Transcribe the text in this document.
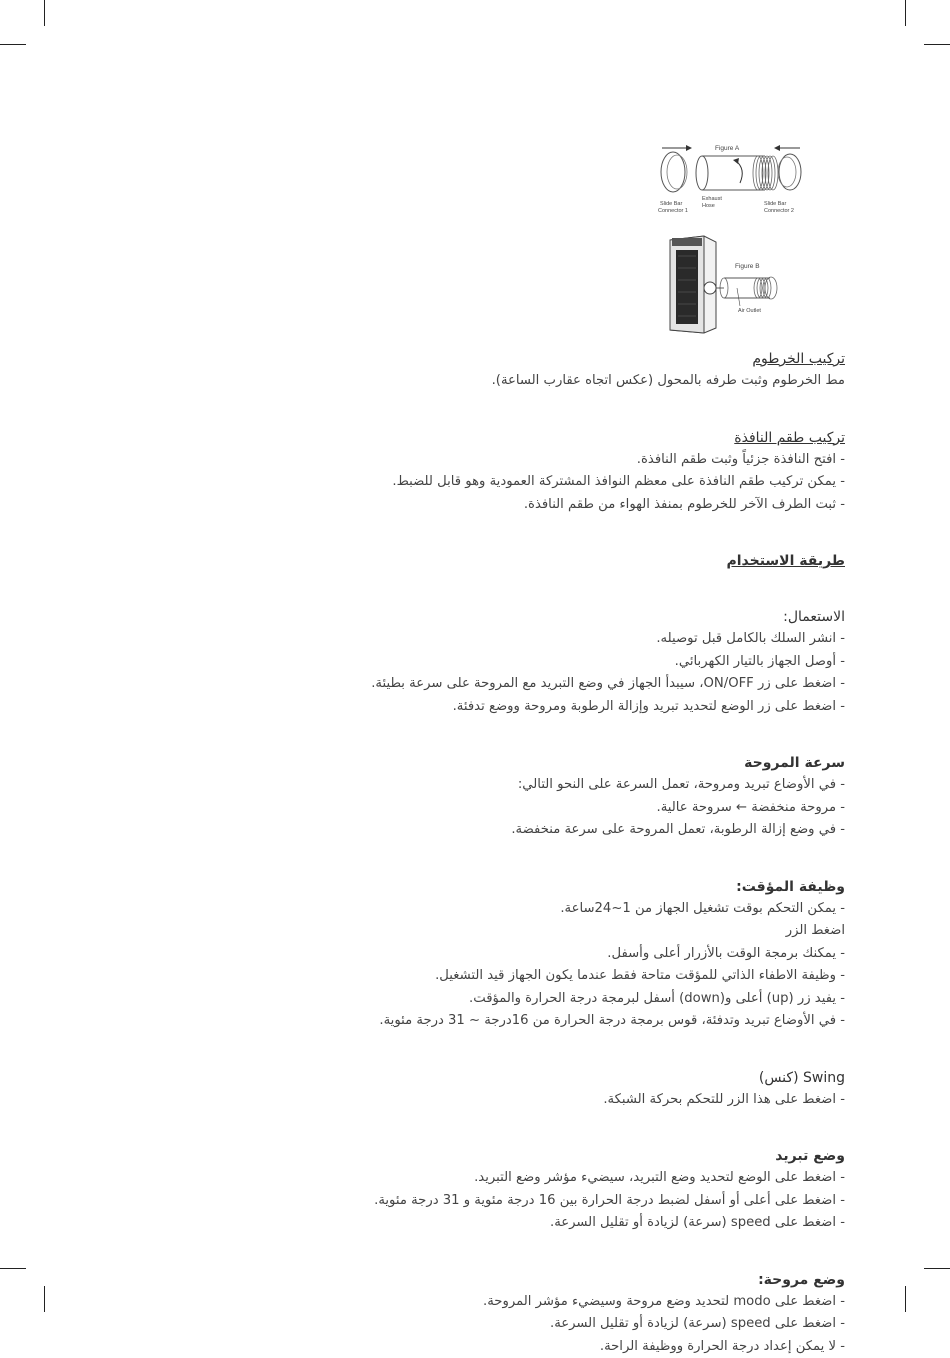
Figure A
Slide Bar
Connector 1
Exhaust
Hose	Slide Bar
Connector 2
Figure B
Air Outlet

تركيب الخرطوم

مط الخرطوم وثبت طرفه بالمحول (عكس اتجاه عقارب الساعة).

تركيب طقم النافذة

- افتح النافذة جزئياً وثبت طقم النافذة.

- يمكن تركيب طقم النافذة على معظم النوافذ المشتركة العمودية وهو قابل للضبط.

- ثبت الطرف الآخر للخرطوم بمنفذ الهواء من طقم النافذة.

طريقة الاستخدام

الاستعمال:

- انشر السلك بالكامل قبل توصيله.

- أوصل الجهاز بالتيار الكهربائي.

- اضغط على زر ON/OFF، سيبدأ الجهاز في وضع التبريد مع المروحة على سرعة بطيئة.

- اضغط على زر الوضع لتحديد تبريد وإزالة الرطوبة ومروحة ووضع تدفئة.

سرعة المروحة

- في الأوضاع تبريد ومروحة، تعمل السرعة على النحو التالي:

- مروحة منخفضة ← سروحة عالية.

- في وضع إزالة الرطوبة، تعمل المروحة على سرعة منخفضة.

وظيفة المؤقت:

- يمكن التحكم بوقت تشغيل الجهاز من 1~24ساعة.

اضغط الزر

- يمكنك برمجة الوقت بالأزرار أعلى وأسفل.

- وظيفة الاطفاء الذاتي للمؤقت متاحة فقط عندما يكون الجهاز قيد التشغيل.

- يفيد زر (up) أعلى و(down) أسفل لبرمجة درجة الحرارة والمؤقت.

- في الأوضاع تبريد وتدفئة، قوس برمجة درجة الحرارة من 16درجة ~ 31 درجة مئوية.

Swing (كنس)

- اضغط على هذا الزر للتحكم بحركة الشبكة.

وضع تبريد

- اضغط على الوضع لتحديد وضع التبريد، سيضيء مؤشر وضع التبريد.

- اضغط على أعلى أو أسفل لضبط درجة الحرارة بين 16 درجة مئوية و 31 درجة مئوية.

- اضغط على speed (سرعة) لزيادة أو تقليل السرعة.

وضع مروحة:

- اضغط على modo لتحديد وضع مروحة وسيضيء مؤشر المروحة.

- اضغط على speed (سرعة) لزيادة أو تقليل السرعة.

- لا يمكن إعداد درجة الحرارة ووظيفة الراحة.
